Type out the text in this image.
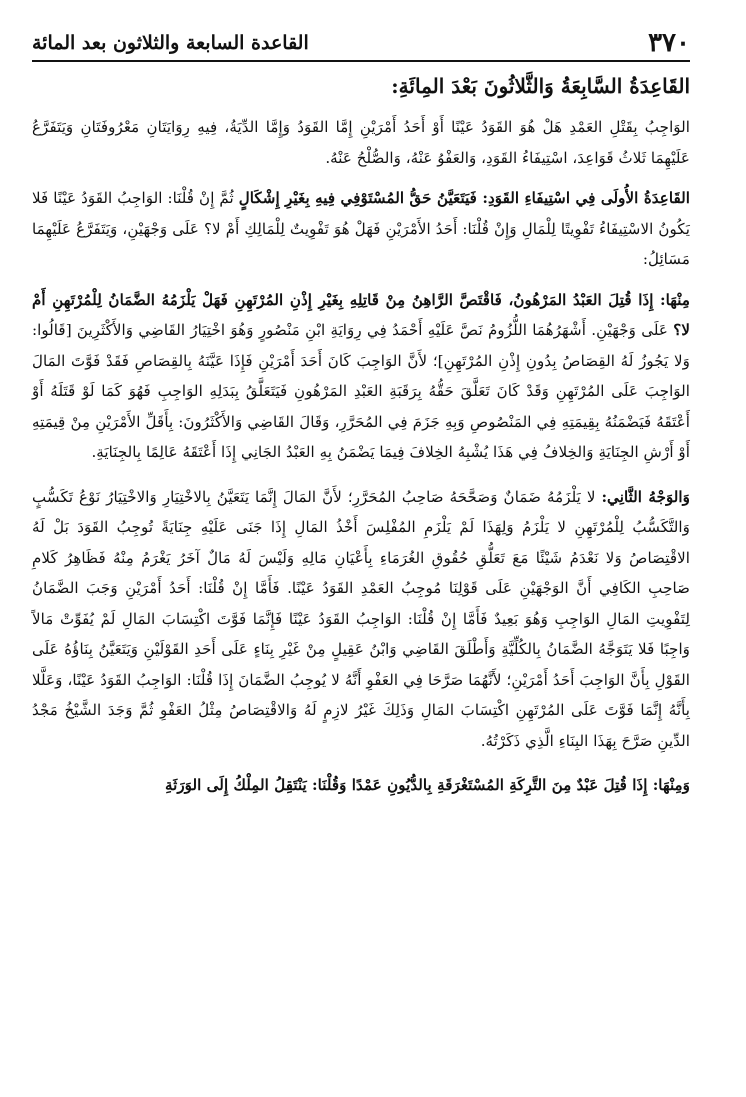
٣٧٠
القاعدة السابعة والثلاثون بعد المائة
القَاعِدَةُ السَّابِعَةُ وَالثَّلاثُونَ بَعْدَ المِائَةِ:

الوَاجِبُ بِقَتْلِ العَمْدِ هَلْ هُوَ القَوَدُ عَيْنًا أَوْ أَحَدُ أَمْرَيْنِ إِمَّا القَوَدُ وَإِمَّا الدِّيَةُ، فِيهِ رِوَايَتَانِ مَعْرُوفَتَانِ وَيَتَفَرَّعُ عَلَيْهِمَا ثَلاثُ قَوَاعِدَ، اسْتِيفَاءُ القَوَدِ، وَالعَفْوُ عَنْهُ، وَالصُّلْحُ عَنْهُ.

القَاعِدَةُ الأُولَى فِي اسْتِيفَاءِ القَوَدِ: فَيَتَعَيَّنُ حَقُّ المُسْتَوْفِي فِيهِ بِغَيْرِ إِشْكَالٍ ثُمَّ إِنْ قُلْنَا: الوَاجِبُ القَوَدُ عَيْنًا فَلا يَكُونُ الاسْتِيفَاءُ تَفْوِيتًا لِلْمَالِ وَإِنْ قُلْنَا: أَحَدُ الأَمْرَيْنِ فَهَلْ هُوَ تَفْوِيتٌ لِلْمَالِكِ أَمْ لا؟ عَلَى وَجْهَيْنِ، وَيَتَفَرَّعُ عَلَيْهِمَا مَسَائِلُ:

مِنْهَا: إِذَا قُتِلَ العَبْدُ المَرْهُونُ، فَاقْتَصَّ الرَّاهِنُ مِنْ قَاتِلِهِ بِغَيْرِ إِذْنِ المُرْتَهِنِ فَهَلْ يَلْزَمُهُ الضَّمَانُ لِلْمُرْتَهِنِ أَمْ لا؟ عَلَى وَجْهَيْنِ. أَشْهَرُهُمَا اللُّزُومُ نَصَّ عَلَيْهِ أَحْمَدُ فِي رِوَايَةِ ابْنِ مَنْصُورٍ وَهُوَ اخْتِيَارُ القَاضِي وَالأَكْثَرِينَ [قَالُوا: وَلا يَجُوزُ لَهُ القِصَاصُ بِدُونِ إِذْنِ المُرْتَهِنِ]؛ لأَنَّ الوَاجِبَ كَانَ أَحَدَ أَمْرَيْنِ فَإِذَا عَيَّنَهُ بِالقِصَاصِ فَقَدْ فَوَّتَ المَالَ الوَاجِبَ عَلَى المُرْتَهِنِ وَقَدْ كَانَ تَعَلَّقَ حَقُّهُ بِرَقَبَةِ العَبْدِ المَرْهُونِ فَيَتَعَلَّقُ بِبَدَلِهِ الوَاجِبِ فَهُوَ كَمَا لَوْ قَتَلَهُ أَوْ أَعْتَقَهُ فَيَضْمَنُهُ بِقِيمَتِهِ فِي المَنْصُوصِ وَبِهِ جَزَمَ فِي المُحَرَّرِ، وَقَالَ القَاضِي وَالأَكْثَرُونَ: بِأَقَلِّ الأَمْرَيْنِ مِنْ قِيمَتِهِ أَوْ أَرْشِ الجِنَايَةِ وَالخِلافُ فِي هَذَا يُشْبِهُ الخِلافَ فِيمَا يَضْمَنُ بِهِ العَبْدُ الجَانِي إِذَا أَعْتَقَهُ عَالِمًا بِالجِنَايَةِ.

وَالوَجْهُ الثَّانِي: لا يَلْزَمُهُ ضَمَانٌ وَصَحَّحَهُ صَاحِبُ المُحَرَّرِ؛ لأَنَّ المَالَ إِنَّمَا يَتَعَيَّنُ بِالاخْتِيَارِ وَالاخْتِيَارُ نَوْعُ تَكَسُّبٍ وَالتَّكَسُّبُ لِلْمُرْتَهِنِ لا يَلْزَمُ وَلِهَذَا لَمْ يَلْزَمِ المُفْلِسَ أَخْذُ المَالِ إِذَا جَنَى عَلَيْهِ جِنَايَةً تُوجِبُ القَوَدَ بَلْ لَهُ الاقْتِصَاصُ وَلا نَعْدَمُ شَيْئًا مَعَ تَعَلُّقِ حُقُوقِ الغُرَمَاءِ بِأَعْيَانِ مَالِهِ وَلَيْسَ لَهُ مَالٌ آخَرُ يَغْرَمُ مِنْهُ فَظَاهِرُ كَلامِ صَاحِبِ الكَافِي أَنَّ الوَجْهَيْنِ عَلَى قَوْلِنَا مُوجِبُ العَمْدِ القَوَدُ عَيْنًا. فَأَمَّا إِنْ قُلْنَا: أَحَدُ أَمْرَيْنِ وَجَبَ الضَّمَانُ لِتَفْوِيتِ المَالِ الوَاجِبِ وَهُوَ بَعِيدٌ فَأَمَّا إِنْ قُلْنَا: الوَاجِبُ القَوَدُ عَيْنًا فَإِنَّمَا فَوَّتَ اكْتِسَابَ المَالِ لَمْ يُفَوِّتْ مَالاً وَاجِبًا فَلا يَتَوَجَّهُ الضَّمَانُ بِالكُلِّيَّةِ وَأَطْلَقَ القَاضِي وَابْنُ عَقِيلٍ مِنْ غَيْرِ بِنَاءٍ عَلَى أَحَدِ القَوْلَيْنِ وَيَتَعَيَّنُ بِنَاؤُهُ عَلَى القَوْلِ بِأَنَّ الوَاجِبَ أَحَدُ أَمْرَيْنِ؛ لأَنَّهُمَا صَرَّحَا فِي العَفْوِ أَنَّهُ لا يُوجِبُ الضَّمَانَ إِذَا قُلْنَا: الوَاجِبُ القَوَدُ عَيْنًا، وَعَلَّلا بِأَنَّهُ إِنَّمَا فَوَّتَ عَلَى المُرْتَهِنِ اكْتِسَابَ المَالِ وَذَلِكَ غَيْرُ لازِمٍ لَهُ وَالاقْتِصَاصُ مِثْلُ العَفْوِ ثُمَّ وَجَدَ الشَّيْخُ مَجْدُ الدِّينِ صَرَّحَ بِهَذَا البِنَاءِ الَّذِي ذَكَرْتُهُ.

وَمِنْهَا: إِذَا قُتِلَ عَبْدٌ مِنَ التَّرِكَةِ المُسْتَغْرَقَةِ بِالدُّيُونِ عَمْدًا وَقُلْنَا: يَنْتَقِلُ المِلْكُ إِلَى الوَرَثَةِ
